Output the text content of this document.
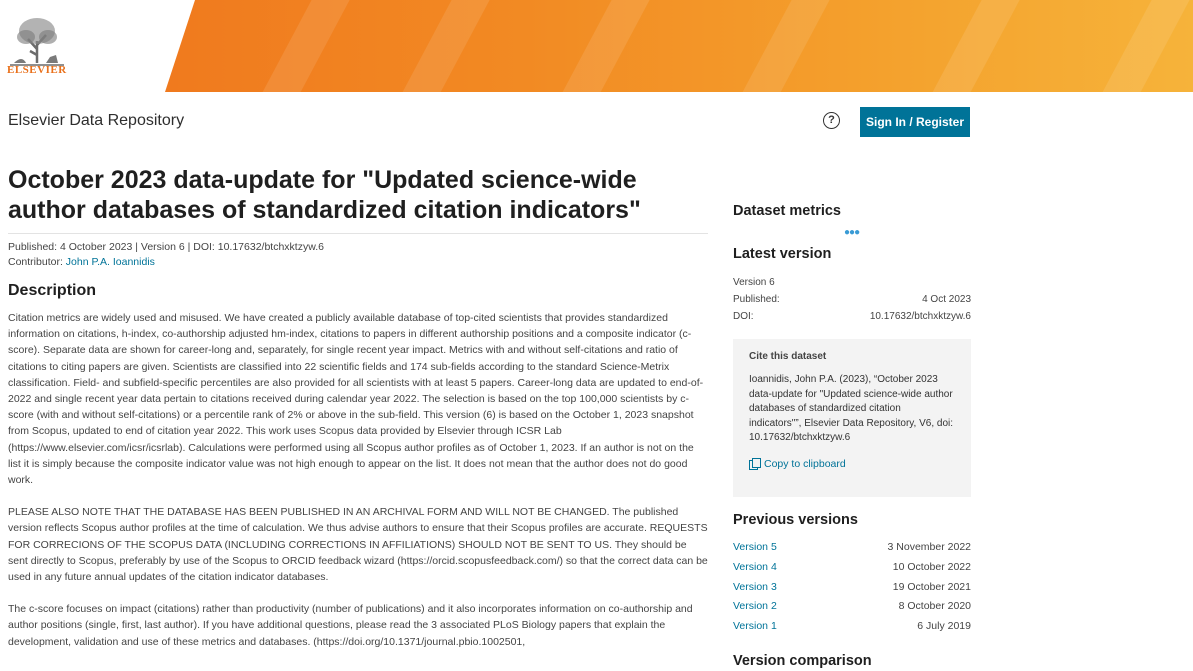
ELSEVIER
Elsevier Data Repository	?	Sign In / Register
October 2023 data-update for "Updated science-wide author databases of standardized citation indicators"
Published: 4 October 2023 | Version 6 | DOI: 10.17632/btchxktzyw.6
Contributor: John P.A. Ioannidis
Description

Citation metrics are widely used and misused. We have created a publicly available database of top-cited scientists that provides standardized information on citations, h-index, co-authorship adjusted hm-index, citations to papers in different authorship positions and a composite indicator (c-score). Separate data are shown for career-long and, separately, for single recent year impact. Metrics with and without self-citations and ratio of citations to citing papers are given. Scientists are classified into 22 scientific fields and 174 sub-fields according to the standard Science-Metrix classification. Field- and subfield-specific percentiles are also provided for all scientists with at least 5 papers. Career-long data are updated to end-of-2022 and single recent year data pertain to citations received during calendar year 2022. The selection is based on the top 100,000 scientists by c-score (with and without self-citations) or a percentile rank of 2% or above in the sub-field. This version (6) is based on the October 1, 2023 snapshot from Scopus, updated to end of citation year 2022. This work uses Scopus data provided by Elsevier through ICSR Lab (https://www.elsevier.com/icsr/icsrlab). Calculations were performed using all Scopus author profiles as of October 1, 2023. If an author is not on the list it is simply because the composite indicator value was not high enough to appear on the list. It does not mean that the author does not do good work.

PLEASE ALSO NOTE THAT THE DATABASE HAS BEEN PUBLISHED IN AN ARCHIVAL FORM AND WILL NOT BE CHANGED. The published version reflects Scopus author profiles at the time of calculation. We thus advise authors to ensure that their Scopus profiles are accurate. REQUESTS FOR CORRECIONS OF THE SCOPUS DATA (INCLUDING CORRECTIONS IN AFFILIATIONS) SHOULD NOT BE SENT TO US. They should be sent directly to Scopus, preferably by use of the Scopus to ORCID feedback wizard (https://orcid.scopusfeedback.com/) so that the correct data can be used in any future annual updates of the citation indicator databases.

The c-score focuses on impact (citations) rather than productivity (number of publications) and it also incorporates information on co-authorship and author positions (single, first, last author). If you have additional questions, please read the 3 associated PLoS Biology papers that explain the development, validation and use of these metrics and databases. (https://doi.org/10.1371/journal.pbio.1002501,

Dataset metrics
●●●
Latest version
Version 6
Published:	4 Oct 2023
DOI:	10.17632/btchxktzyw.6
Cite this dataset
Ioannidis, John P.A. (2023), “October 2023 data-update for "Updated science-wide author databases of standardized citation indicators"”, Elsevier Data Repository, V6, doi: 10.17632/btchxktzyw.6
Copy to clipboard
Previous versions
Version 5	3 November 2022
Version 4	10 October 2022
Version 3	19 October 2021
Version 2	8 October 2020
Version 1	6 July 2019
Version comparison
